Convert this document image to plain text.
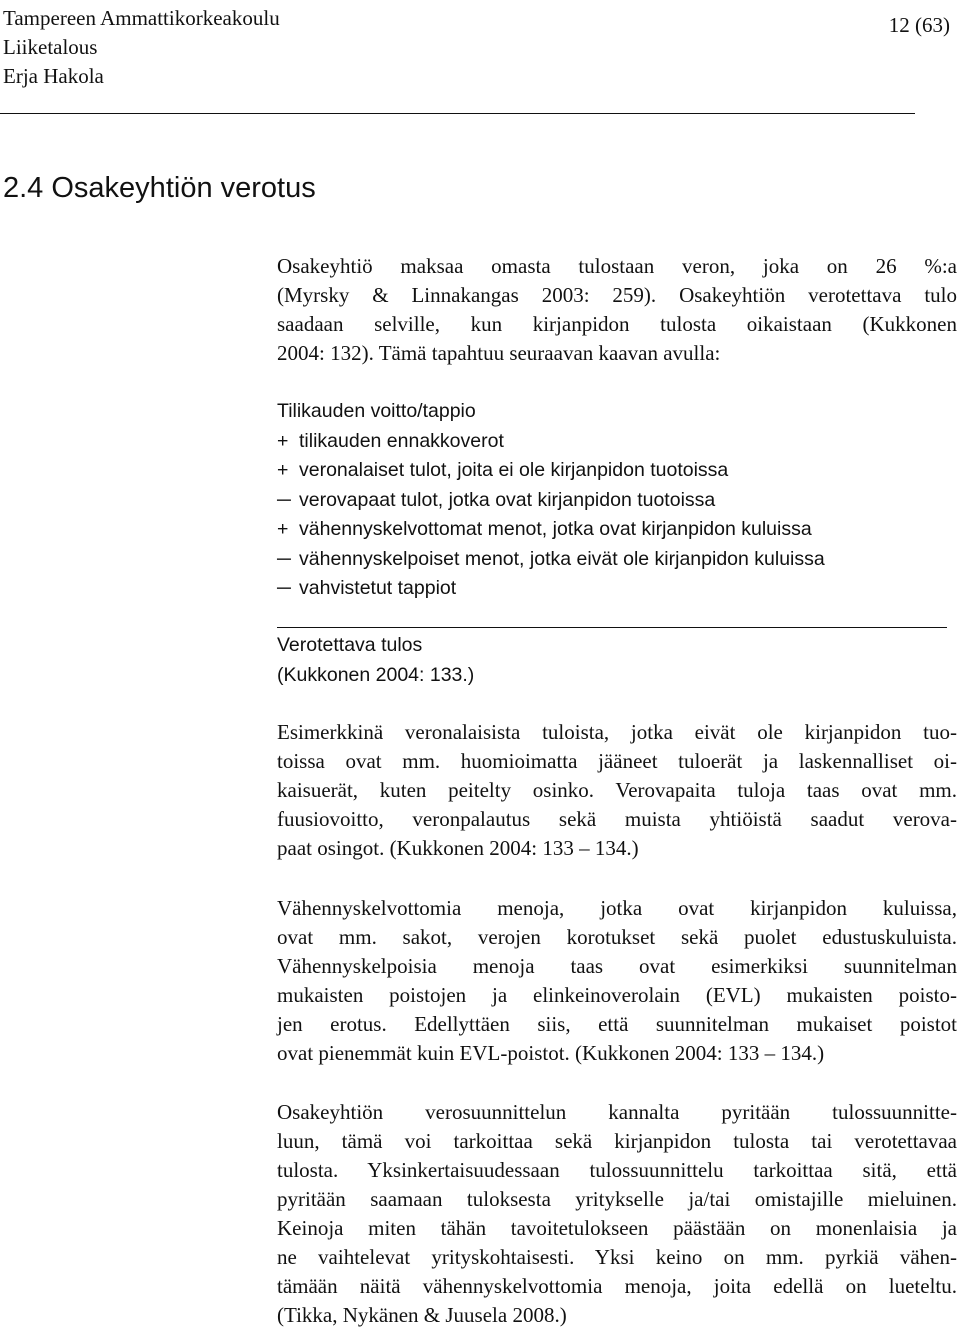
Tampereen Ammattikorkeakoulu
Liiketalous
Erja Hakola
12 (63)
2.4 Osakeyhtiön verotus

Osakeyhtiö maksaa omasta tulostaan veron, joka on 26 %:a

(Myrsky & Linnakangas 2003: 259). Osakeyhtiön verotettava tulo

saadaan selville, kun kirjanpidon tulosta oikaistaan (Kukkonen

2004: 132). Tämä tapahtuu seuraavan kaavan avulla:

Tilikauden voitto/tappio
+ tilikauden ennakkoverot
+ veronalaiset tulot, joita ei ole kirjanpidon tuotoissa
─ verovapaat tulot, jotka ovat kirjanpidon tuotoissa
+ vähennyskelvottomat menot, jotka ovat kirjanpidon kuluissa
─ vähennyskelpoiset menot, jotka eivät ole kirjanpidon kuluissa
─ vahvistetut tappiot
Verotettava tulos
(Kukkonen 2004: 133.)

Esimerkkinä veronalaisista tuloista, jotka eivät ole kirjanpidon tuo-

toissa ovat mm. huomioimatta jääneet tuloerät ja laskennalliset oi-

kaisuerät, kuten peitelty osinko. Verovapaita tuloja taas ovat mm.

fuusiovoitto, veronpalautus sekä muista yhtiöistä saadut verova-

paat osingot. (Kukkonen 2004: 133 – 134.)

Vähennyskelvottomia menoja, jotka ovat kirjanpidon kuluissa,

ovat mm. sakot, verojen korotukset sekä puolet edustuskuluista.

Vähennyskelpoisia menoja taas ovat esimerkiksi suunnitelman

mukaisten poistojen ja elinkeinoverolain (EVL) mukaisten poisto-

jen erotus. Edellyttäen siis, että suunnitelman mukaiset poistot

ovat pienemmät kuin EVL-poistot. (Kukkonen 2004: 133 – 134.)

Osakeyhtiön verosuunnittelun kannalta pyritään tulossuunnitte-

luun, tämä voi tarkoittaa sekä kirjanpidon tulosta tai verotettavaa

tulosta. Yksinkertaisuudessaan tulossuunnittelu tarkoittaa sitä, että

pyritään saamaan tuloksesta yritykselle ja/tai omistajille mieluinen.

Keinoja miten tähän tavoitetulokseen päästään on monenlaisia ja

ne vaihtelevat yrityskohtaisesti. Yksi keino on mm. pyrkiä vähen-

tämään näitä vähennyskelvottomia menoja, joita edellä on lueteltu.

(Tikka, Nykänen & Juusela 2008.)
